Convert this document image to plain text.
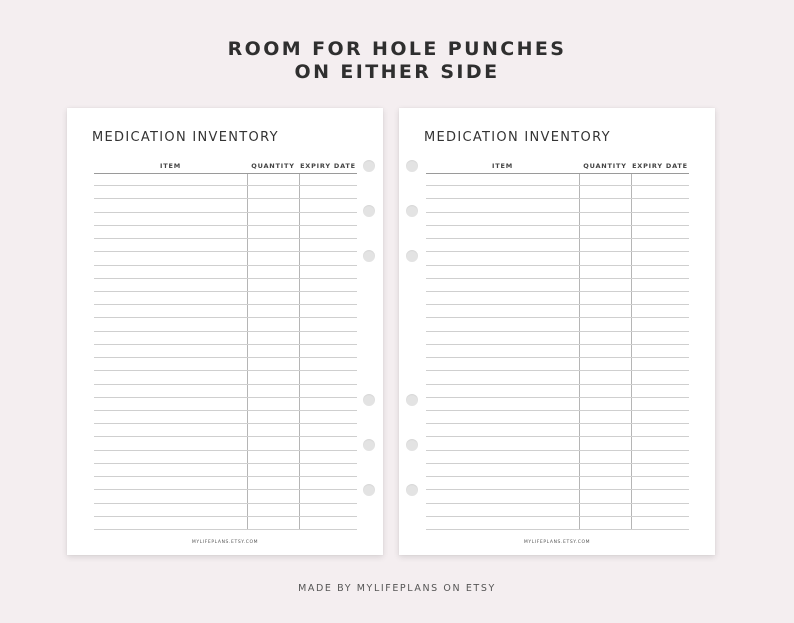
ROOM FOR HOLE PUNCHES
ON EITHER SIDE
MEDICATION INVENTORY
ITEM	QUANTITY EXPIRY DATE
MYLIFEPLANS.ETSY.COM
MEDICATION INVENTORY
ITEM	QUANTITY EXPIRY DATE
MYLIFEPLANS.ETSY.COM
MADE BY MYLIFEPLANS ON ETSY
